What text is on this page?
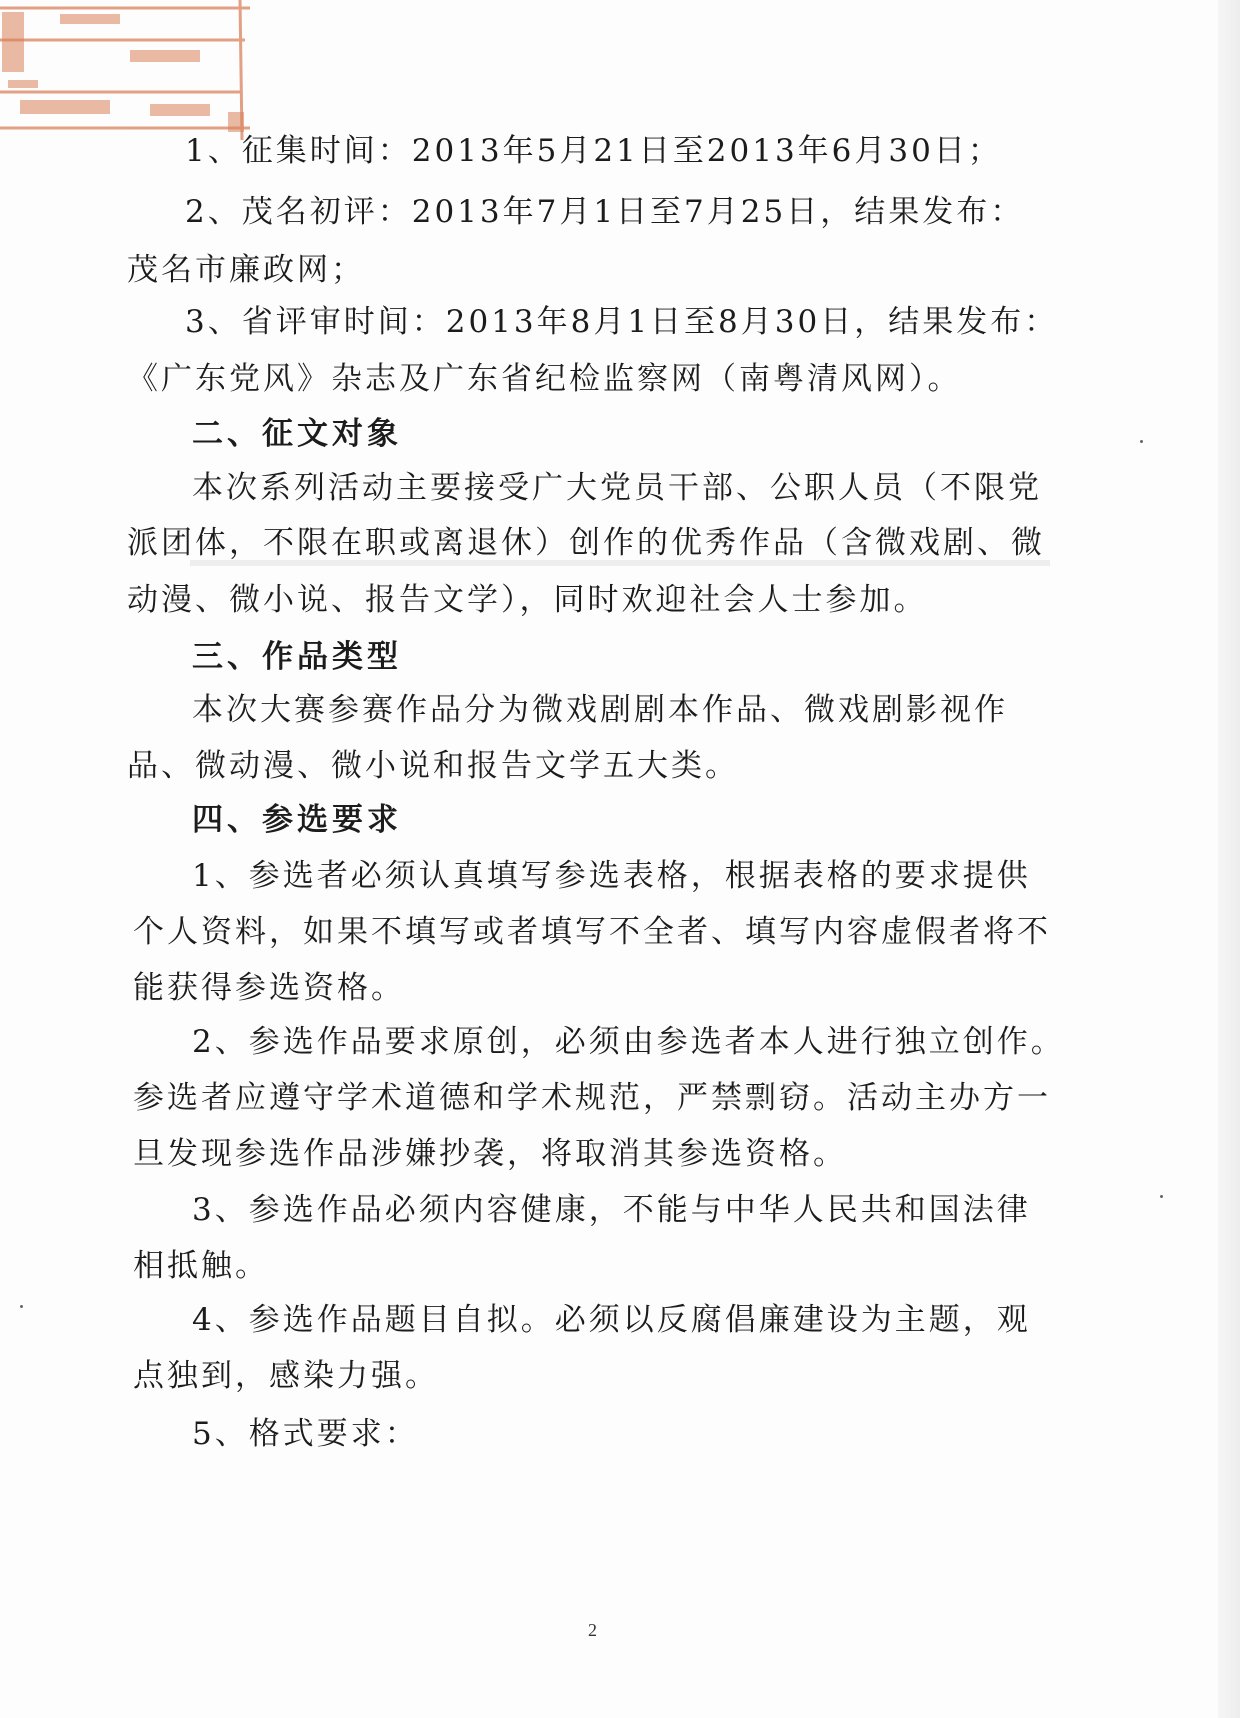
1、征集时间：2013年5月21日至2013年6月30日；

2、茂名初评：2013年7月1日至7月25日，结果发布：

茂名市廉政网；

3、省评审时间：2013年8月1日至8月30日，结果发布：

《广东党风》杂志及广东省纪检监察网（南粤清风网）。

二、征文对象

本次系列活动主要接受广大党员干部、公职人员（不限党

派团体，不限在职或离退休）创作的优秀作品（含微戏剧、微

动漫、微小说、报告文学），同时欢迎社会人士参加。

三、作品类型

本次大赛参赛作品分为微戏剧剧本作品、微戏剧影视作

品、微动漫、微小说和报告文学五大类。

四、参选要求

1、参选者必须认真填写参选表格，根据表格的要求提供

个人资料，如果不填写或者填写不全者、填写内容虚假者将不

能获得参选资格。

2、参选作品要求原创，必须由参选者本人进行独立创作。

参选者应遵守学术道德和学术规范，严禁剽窃。活动主办方一

旦发现参选作品涉嫌抄袭，将取消其参选资格。

3、参选作品必须内容健康，不能与中华人民共和国法律

相抵触。

4、参选作品题目自拟。必须以反腐倡廉建设为主题，观

点独到，感染力强。

5、格式要求：

2
